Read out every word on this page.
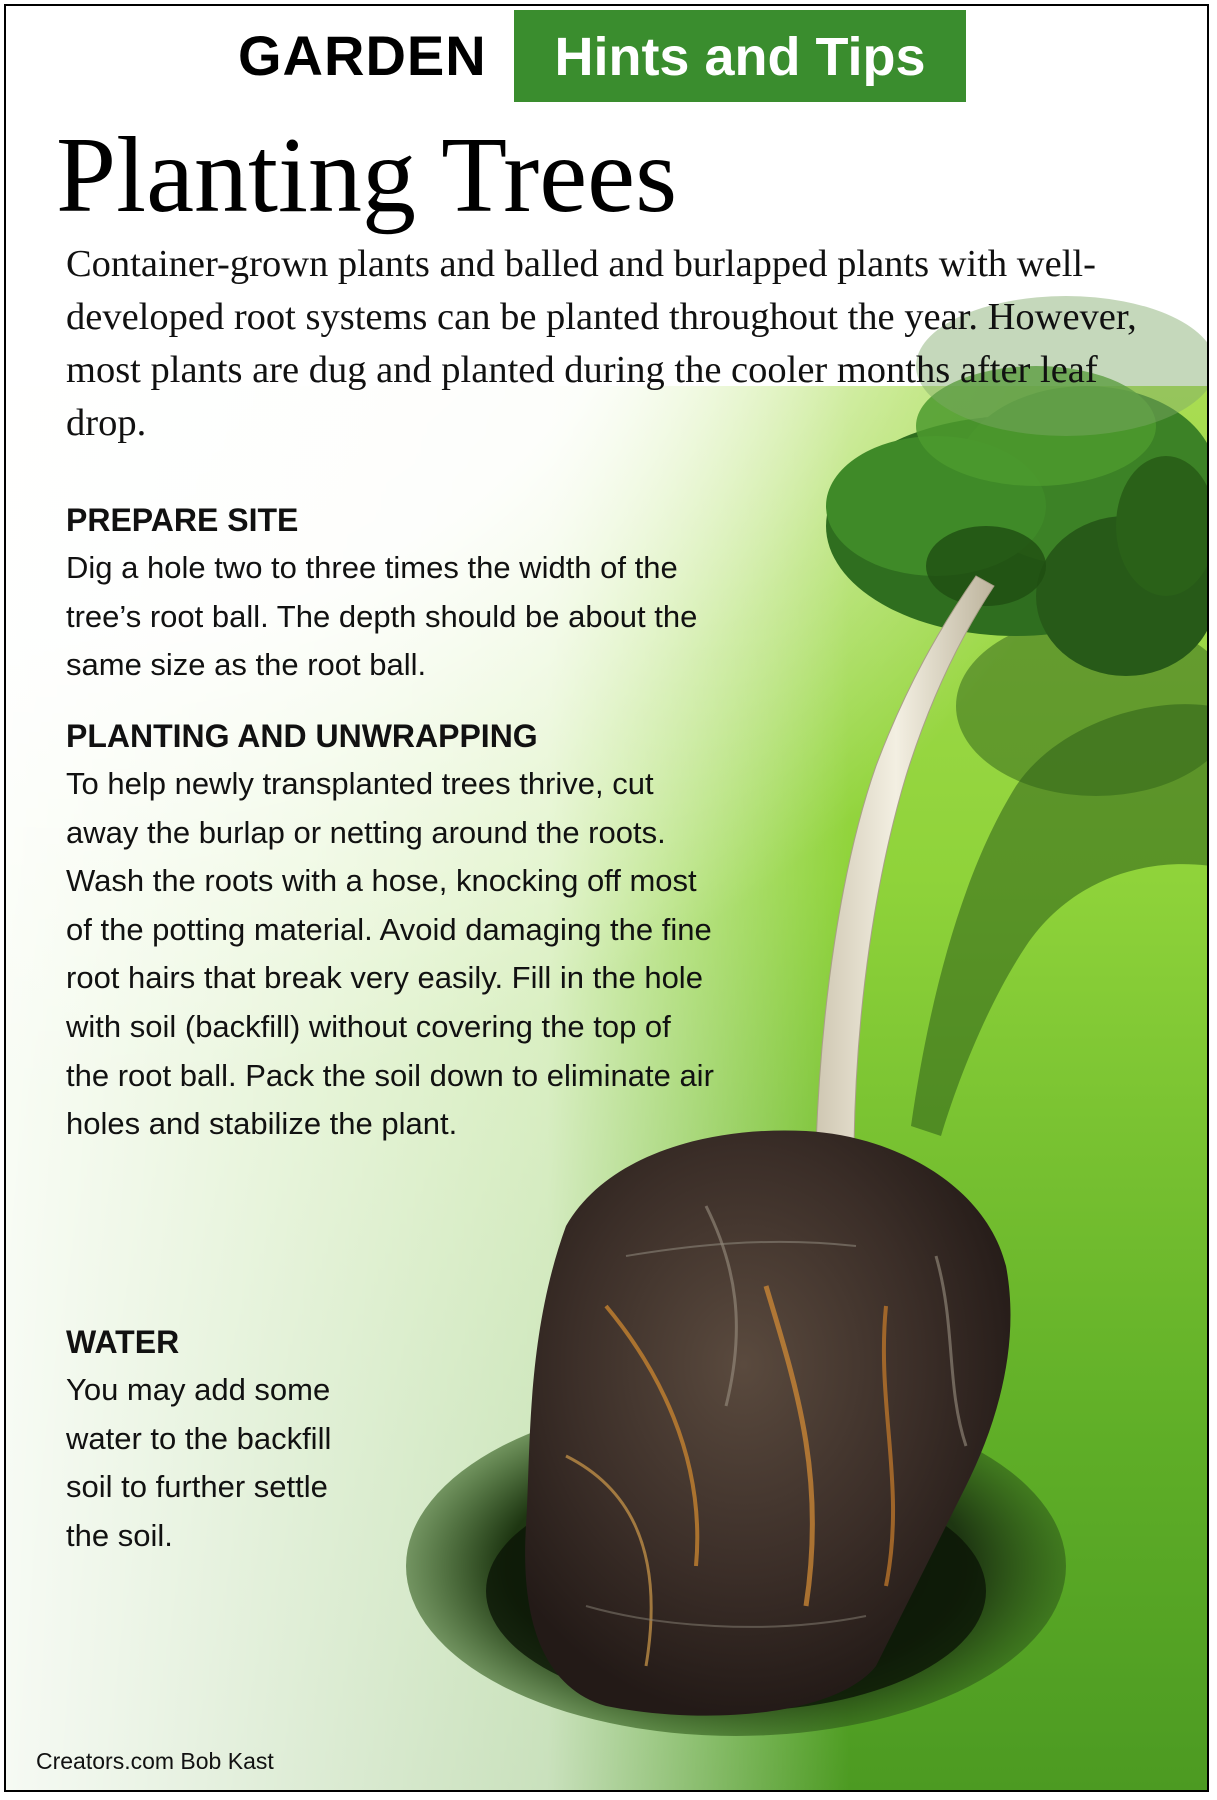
GARDEN	Hints and Tips
Planting Trees

Container-grown plants and balled and burlapped plants with well-developed root systems can be planted throughout the year. However, most plants are dug and planted during the cooler months after leaf drop.

PREPARE SITE

Dig a hole two to three times the width of the tree’s root ball. The depth should be about the same size as the root ball.

PLANTING AND UNWRAPPING

To help newly transplanted trees thrive, cut away the burlap or netting around the roots. Wash the roots with a hose, knocking off most of the potting material. Avoid damaging the fine root hairs that break very easily. Fill in the hole with soil (backfill) without covering the top of the root ball. Pack the soil down to eliminate air holes and stabilize the plant.

WATER

You may add some water to the backfill soil to further settle the soil.

Creators.com Bob Kast
